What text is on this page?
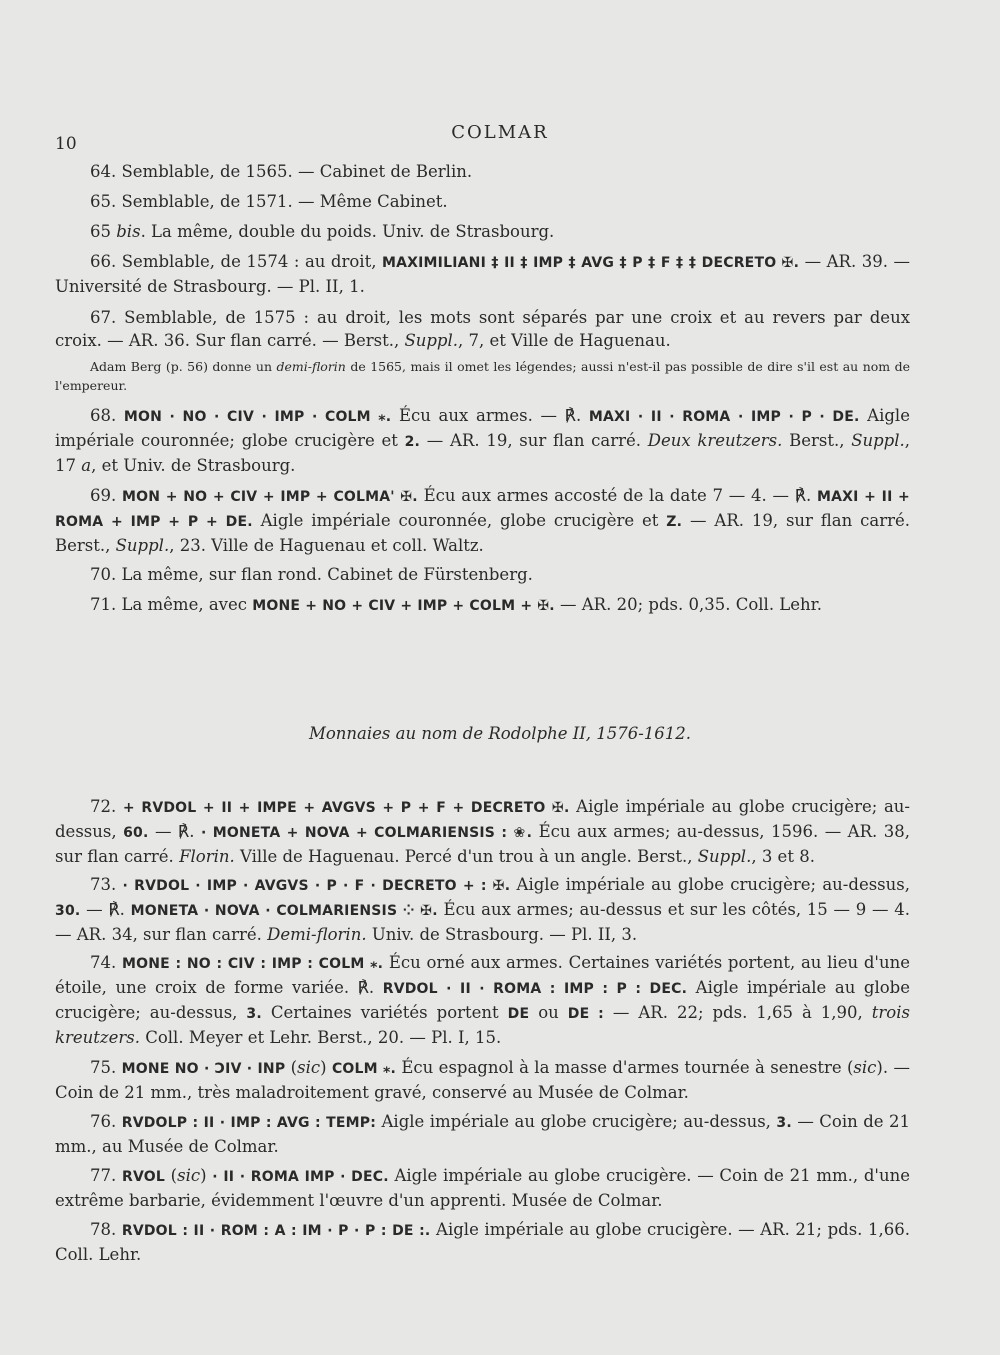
10
COLMAR
64. Semblable, de 1565. — Cabinet de Berlin.
65. Semblable, de 1571. — Même Cabinet.
65 bis. La même, double du poids. Univ. de Strasbourg.
66. Semblable, de 1574 : au droit, MAXIMILIANI ‡ II ‡ IMP ‡ AVG ‡ P ‡ F ‡ ‡ DECRETO ✠. — AR. 39. — Université de Strasbourg. — Pl. II, 1.
67. Semblable, de 1575 : au droit, les mots sont séparés par une croix et au revers par deux croix. — AR. 36. Sur flan carré. — Berst., Suppl., 7, et Ville de Haguenau.
Adam Berg (p. 56) donne un demi-florin de 1565, mais il omet les légendes; aussi n'est-il pas possible de dire s'il est au nom de l'empereur.
68. MON · NO · CIV · IMP · COLM ⁎. Écu aux armes. — ℟. MAXI · II · ROMA · IMP · P · DE. Aigle impériale couronnée; globe crucigère et 2. — AR. 19, sur flan carré. Deux kreutzers. Berst., Suppl., 17 a, et Univ. de Strasbourg.
69. MON + NO + CIV + IMP + COLMA' ✠. Écu aux armes accosté de la date 7 — 4. — ℟. MAXI + II + ROMA + IMP + P + DE. Aigle impériale couronnée, globe crucigère et Z. — AR. 19, sur flan carré. Berst., Suppl., 23. Ville de Haguenau et coll. Waltz.
70. La même, sur flan rond. Cabinet de Fürstenberg.
71. La même, avec MONE + NO + CIV + IMP + COLM + ✠. — AR. 20; pds. 0,35. Coll. Lehr.
Monnaies au nom de Rodolphe II, 1576-1612.
72. + RVDOL + II + IMPE + AVGVS + P + F + DECRETO ✠. Aigle impériale au globe crucigère; au-dessus, 60. — ℟. · MONETA + NOVA + COLMARIENSIS : ❀. Écu aux armes; au-dessus, 1596. — AR. 38, sur flan carré. Florin. Ville de Haguenau. Percé d'un trou à un angle. Berst., Suppl., 3 et 8.
73. · RVDOL · IMP · AVGVS · P · F · DECRETO + : ✠. Aigle impériale au globe crucigère; au-dessus, 30. — ℟. MONETA · NOVA · COLMARIENSIS ⁘ ✠. Écu aux armes; au-dessus et sur les côtés, 15 — 9 — 4. — AR. 34, sur flan carré. Demi-florin. Univ. de Strasbourg. — Pl. II, 3.
74. MONE : NO : CIV : IMP : COLM ⁎. Écu orné aux armes. Certaines variétés portent, au lieu d'une étoile, une croix de forme variée. ℟. RVDOL · II · ROMA : IMP : P : DEC. Aigle impériale au globe crucigère; au-dessus, 3. Certaines variétés portent DE ou DE : — AR. 22; pds. 1,65 à 1,90, trois kreutzers. Coll. Meyer et Lehr. Berst., 20. — Pl. I, 15.
75. MONE NO · ƆIV · INP (sic) COLM ⁎. Écu espagnol à la masse d'armes tournée à senestre (sic). — Coin de 21 mm., très maladroitement gravé, conservé au Musée de Colmar.
76. RVDOLP : II · IMP : AVG : TEMP: Aigle impériale au globe crucigère; au-dessus, 3. — Coin de 21 mm., au Musée de Colmar.
77. RVOL (sic) · II · ROMA IMP · DEC. Aigle impériale au globe crucigère. — Coin de 21 mm., d'une extrême barbarie, évidemment l'œuvre d'un apprenti. Musée de Colmar.
78. RVDOL : II · ROM : A : IM · P · P : DE :. Aigle impériale au globe crucigère. — AR. 21; pds. 1,66. Coll. Lehr.
